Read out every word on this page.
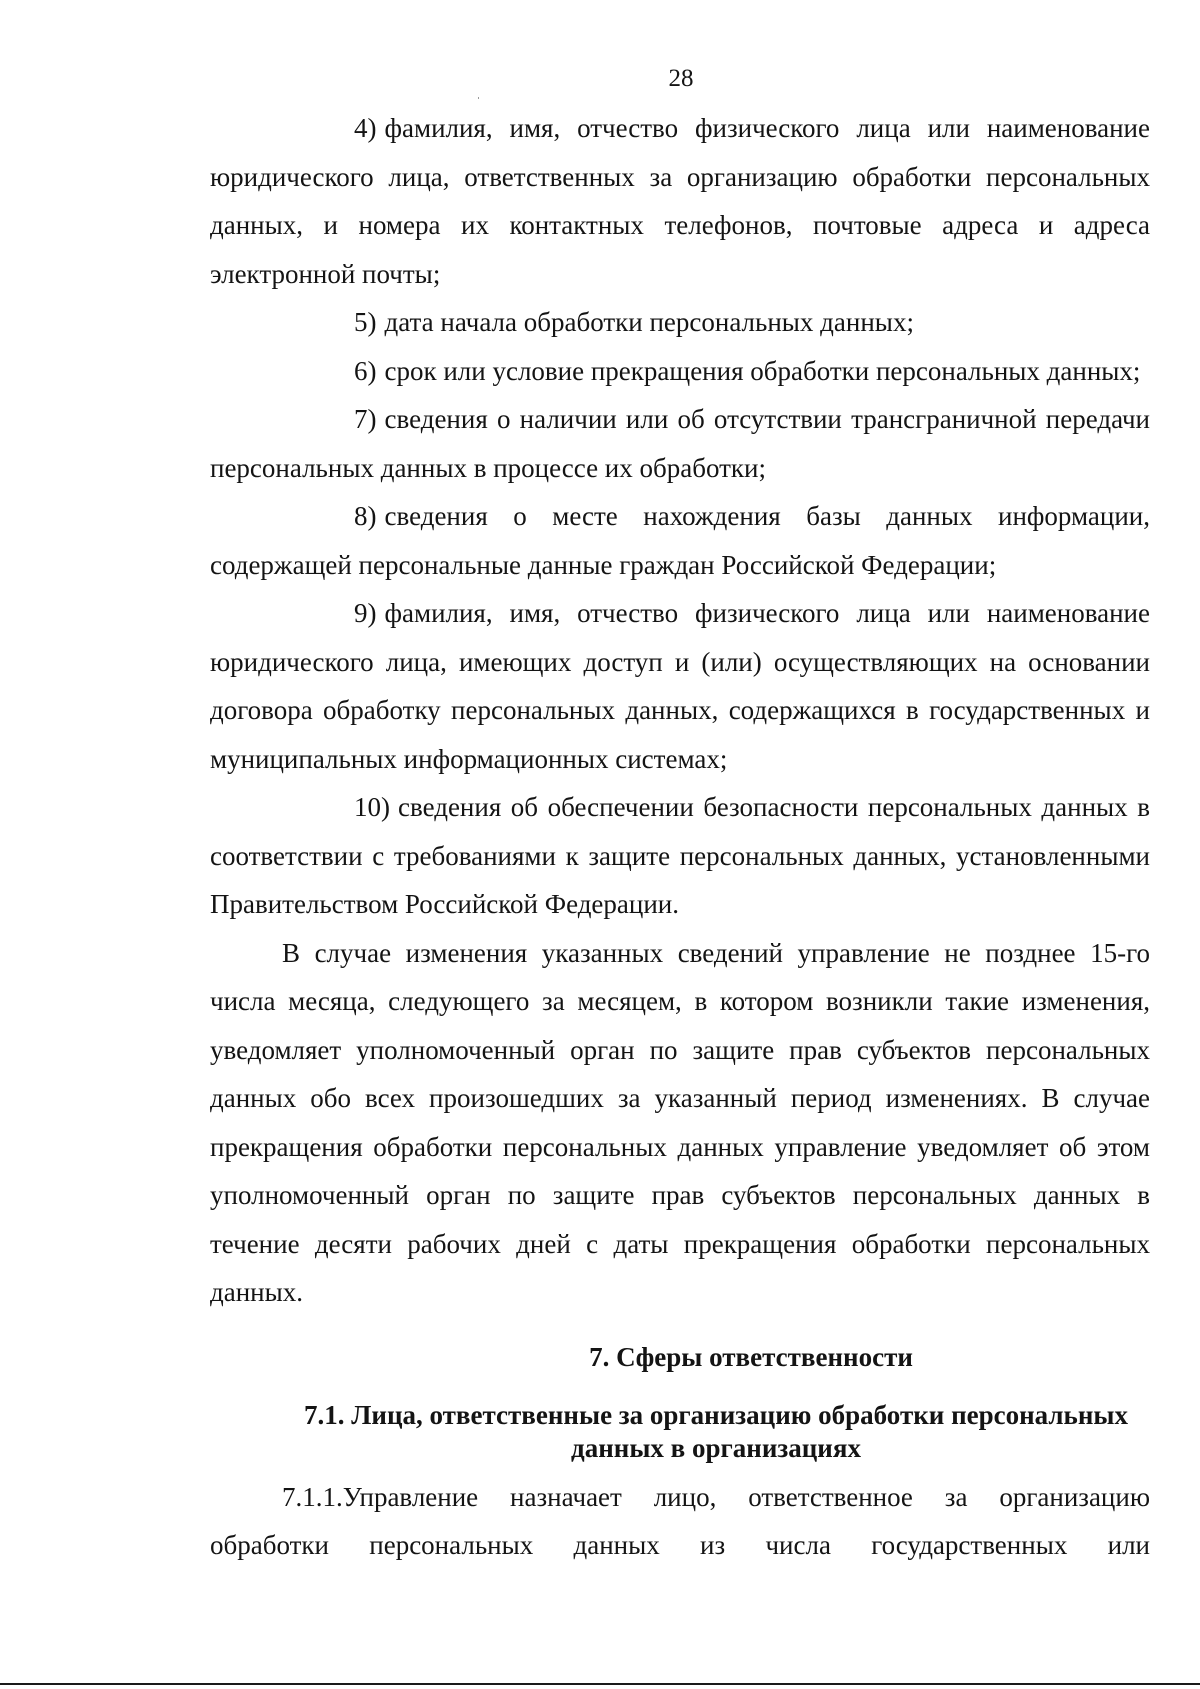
28

4) фамилия, имя, отчество физического лица или наименование юридического лица, ответственных за организацию обработки персональных данных, и номера их контактных телефонов, почтовые адреса и адреса электронной почты;

5) дата начала обработки персональных данных;

6) срок или условие прекращения обработки персональных данных;

7) сведения о наличии или об отсутствии трансграничной передачи персональных данных в процессе их обработки;

8) сведения о месте нахождения базы данных информации, содержащей персональные данные граждан Российской Федерации;

9) фамилия, имя, отчество физического лица или наименование юридического лица, имеющих доступ и (или) осуществляющих на основании договора обработку персональных данных, содержащихся в государственных и муниципальных информационных системах;

10) сведения об обеспечении безопасности персональных данных в соответствии с требованиями к защите персональных данных, установленными Правительством Российской Федерации.

В случае изменения указанных сведений управление не позднее 15-го числа месяца, следующего за месяцем, в котором возникли такие изменения, уведомляет уполномоченный орган по защите прав субъектов персональных данных обо всех произошедших за указанный период изменениях. В случае прекращения обработки персональных данных управление уведомляет об этом уполномоченный орган по защите прав субъектов персональных данных в течение десяти рабочих дней с даты прекращения обработки персональных данных.

7. Сферы ответственности
7.1. Лица, ответственные за организацию обработки персональных
данных в организациях

7.1.1.Управление назначает лицо, ответственное за организацию обработки персональных данных из числа государственных или
